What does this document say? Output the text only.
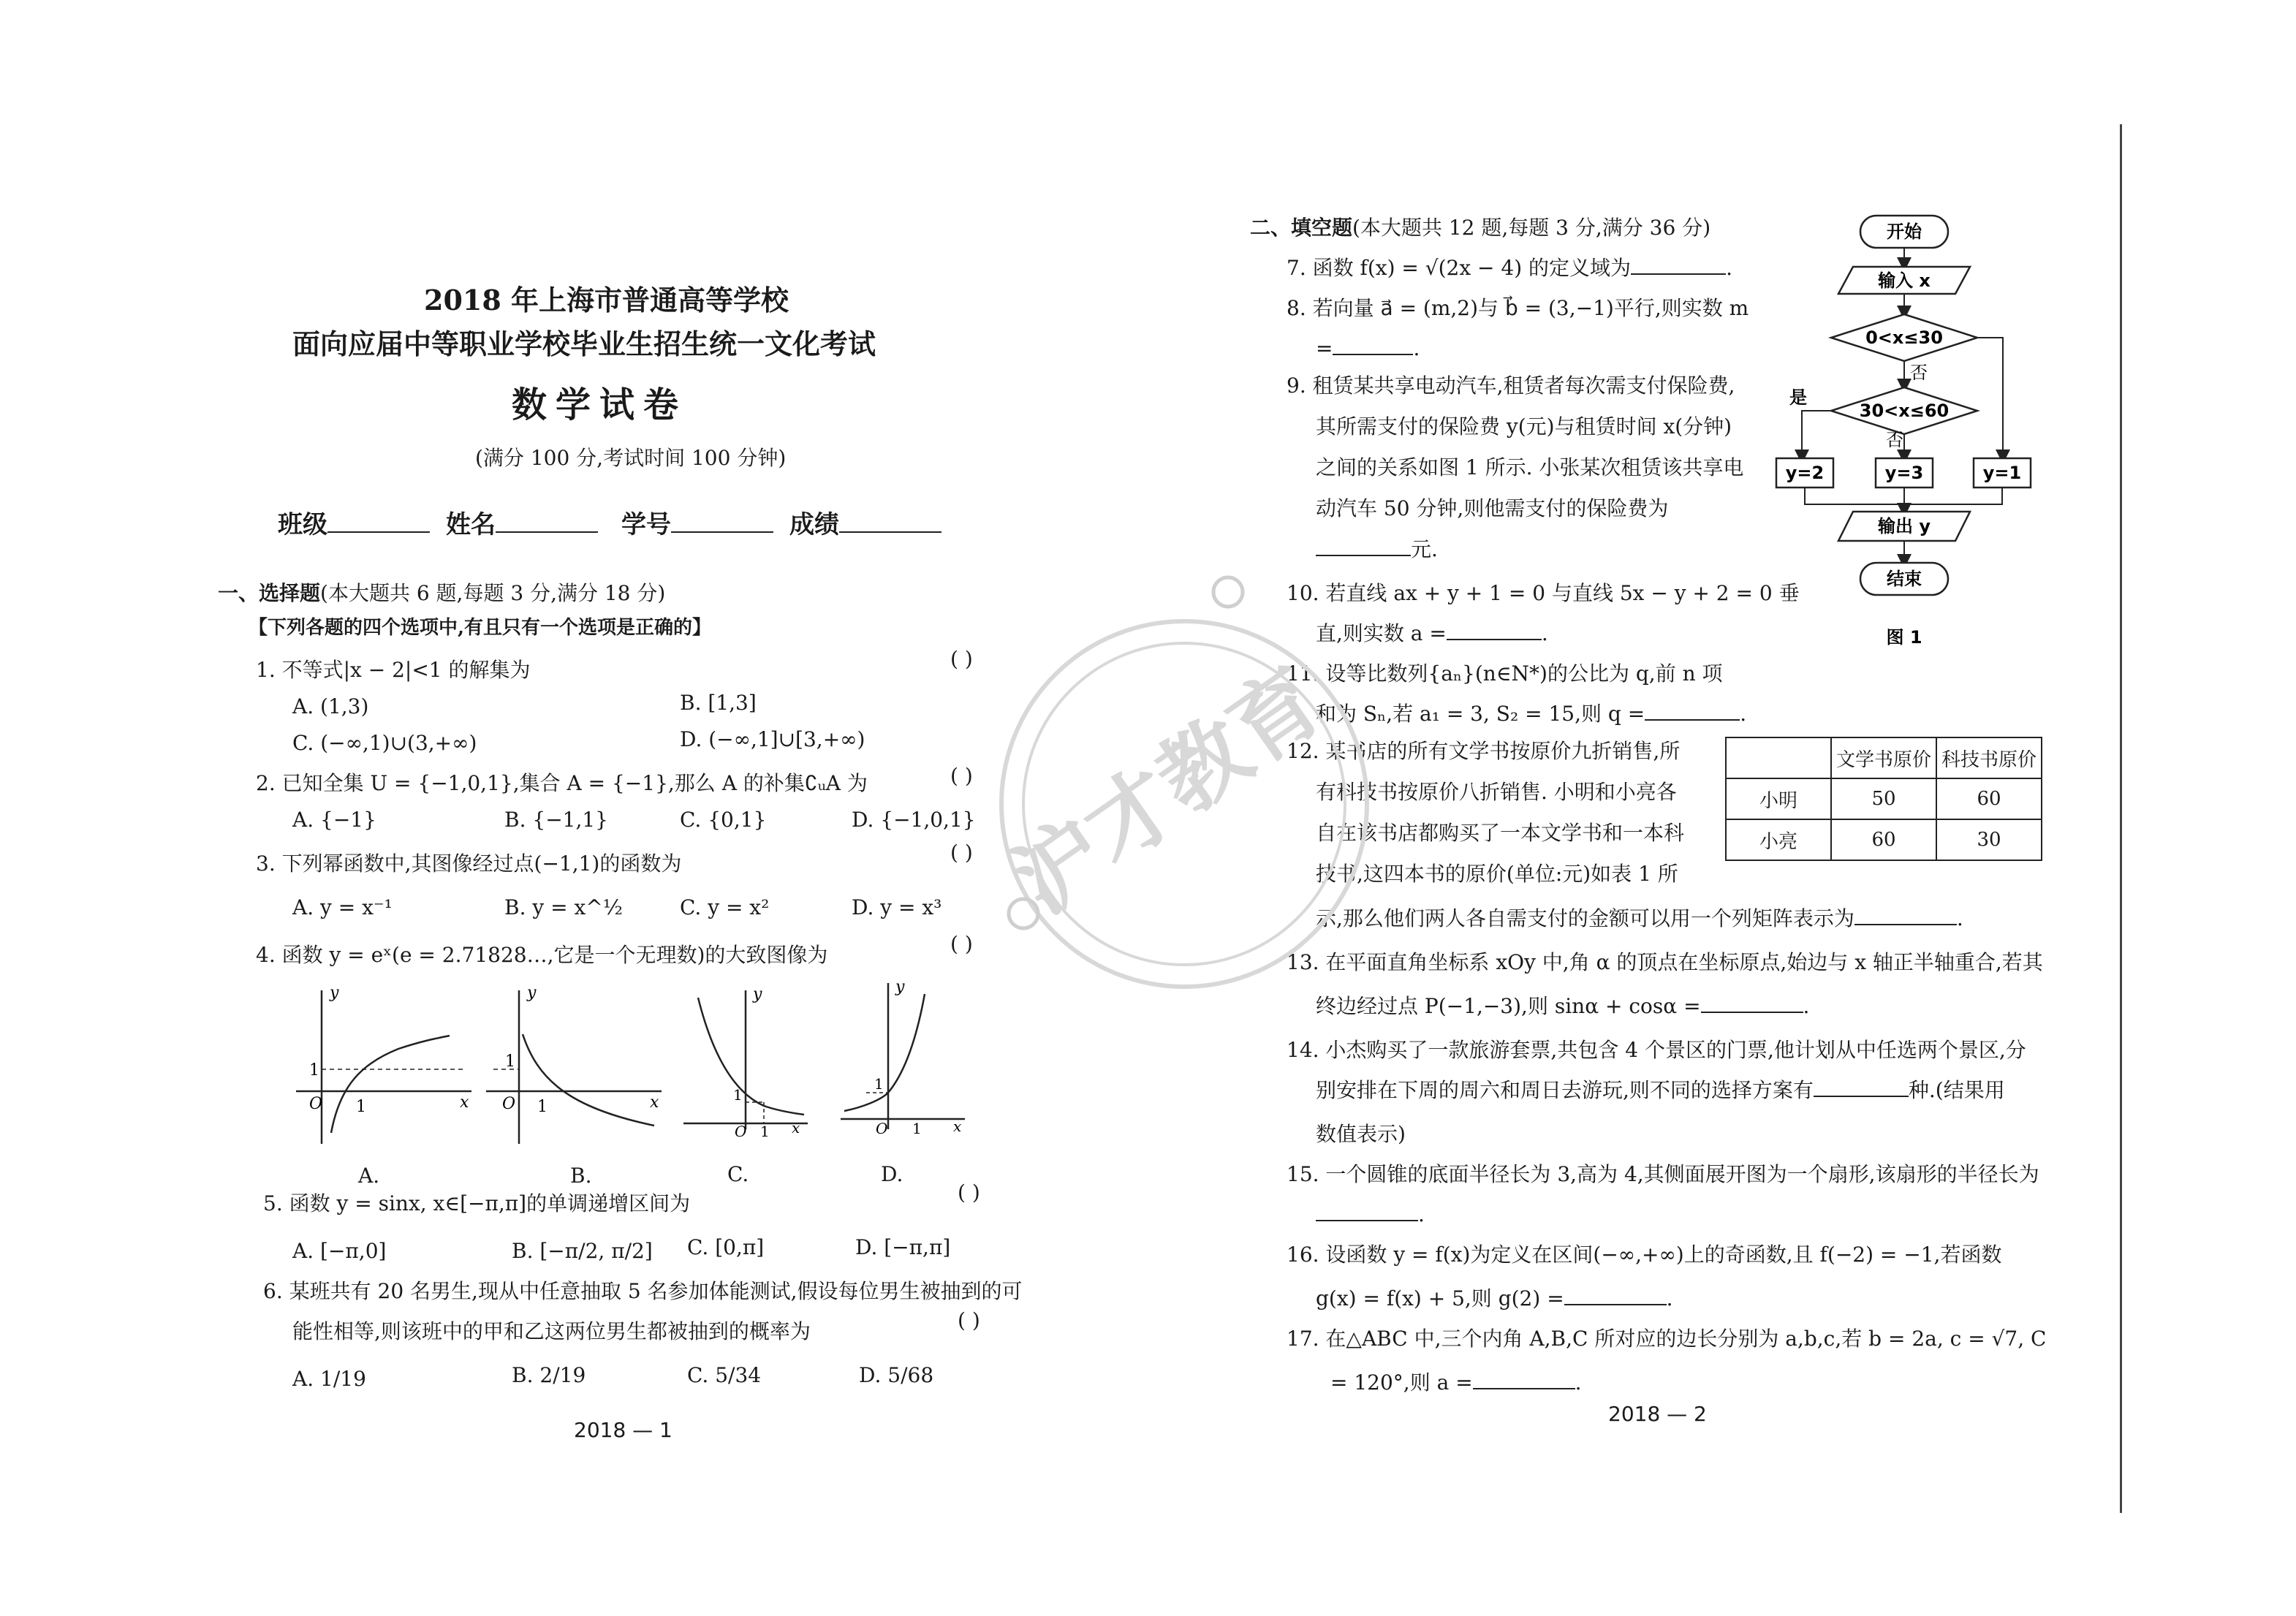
2018 年上海市普通高等学校
面向应届中等职业学校毕业生招生统一文化考试
数学试卷
(满分 100 分,考试时间 100 分钟)
班级	姓名	学号	成绩
一、选择题(本大题共 6 题,每题 3 分,满分 18 分)
【下列各题的四个选项中,有且只有一个选项是正确的】
1. 不等式|x − 2|<1 的解集为	( )
A. (1,3)	B. [1,3]
C. (−∞,1)∪(3,+∞)	D. (−∞,1]∪[3,+∞)
2. 已知全集 U = {−1,0,1},集合 A = {−1},那么 A 的补集∁ᵤA 为	( )
A. {−1}	B. {−1,1}	C. {0,1}	D. {−1,0,1}
3. 下列幂函数中,其图像经过点(−1,1)的函数为	( )
A. y = x⁻¹	B. y = x^½	C. y = x²	D. y = x³
4. 函数 y = eˣ(e = 2.71828…,它是一个无理数)的大致图像为	( )
y
x
O
1
1
A.
y
x
O
1
1
B.
y
x
O
1
1
C.
y
x
O
1
1
D.
5. 函数 y = sinx, x∈[−π,π]的单调递增区间为	( )
A. [−π,0]	B. [−π/2, π/2] C. [0,π]	D. [−π,π]
6. 某班共有 20 名男生,现从中任意抽取 5 名参加体能测试,假设每位男生被抽到的可
能性相等,则该班中的甲和乙这两位男生都被抽到的概率为	( )
A. 1/19	B. 2/19	C. 5/34	D. 5/68
2018 — 1
二、填空题(本大题共 12 题,每题 3 分,满分 36 分)
7. 函数 f(x) = √(2x − 4) 的定义域为	.
8. 若向量 a⃗ = (m,2)与 b⃗ = (3,−1)平行,则实数 m
=	.
9. 租赁某共享电动汽车,租赁者每次需支付保险费,
其所需支付的保险费 y(元)与租赁时间 x(分钟)
之间的关系如图 1 所示. 小张某次租赁该共享电
动汽车 50 分钟,则他需支付的保险费为
元.
10. 若直线 ax + y + 1 = 0 与直线 5x − y + 2 = 0 垂
直,则实数 a =	.
11. 设等比数列{aₙ}(n∈N*)的公比为 q,前 n 项
和为 Sₙ,若 a₁ = 3, S₂ = 15,则 q =	.
12. 某书店的所有文学书按原价九折销售,所
有科技书按原价八折销售. 小明和小亮各
自在该书店都购买了一本文学书和一本科
技书,这四本书的原价(单位:元)如表 1 所
示,那么他们两人各自需支付的金额可以用一个列矩阵表示为	.
	文学书原价	科技书原价
小明	50	60
小亮	60	30
13. 在平面直角坐标系 xOy 中,角 α 的顶点在坐标原点,始边与 x 轴正半轴重合,若其
终边经过点 P(−1,−3),则 sinα + cosα =	.
14. 小杰购买了一款旅游套票,共包含 4 个景区的门票,他计划从中任选两个景区,分
别安排在下周的周六和周日去游玩,则不同的选择方案有	种.(结果用
数值表示)
15. 一个圆锥的底面半径长为 3,高为 4,其侧面展开图为一个扇形,该扇形的半径长为
.
16. 设函数 y = f(x)为定义在区间(−∞,+∞)上的奇函数,且 f(−2) = −1,若函数
g(x) = f(x) + 5,则 g(2) =	.
17. 在△ABC 中,三个内角 A,B,C 所对应的边长分别为 a,b,c,若 b = 2a, c = √7, C
= 120°,则 a =	.
2018 — 2
开始
输入 x
0<x≤30
否
30<x≤60
是
否
y=2	y=3	y=1
输出 y
结束
图 1
沪才教育
